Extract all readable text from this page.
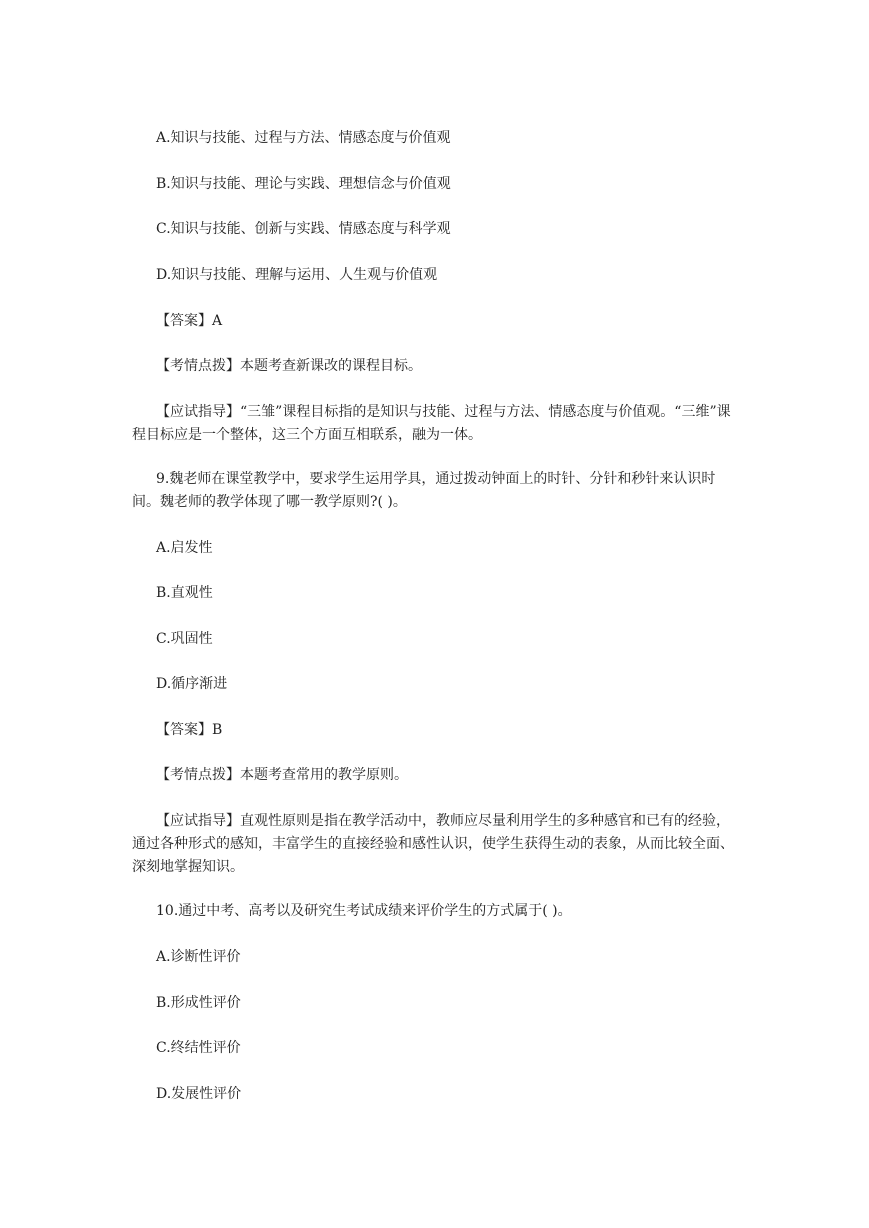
A.知识与技能、过程与方法、情感态度与价值观

B.知识与技能、理论与实践、理想信念与价值观

C.知识与技能、创新与实践、情感态度与科学观

D.知识与技能、理解与运用、人生观与价值观

【答案】A

【考情点拨】本题考查新课改的课程目标。

【应试指导】“三雏”课程目标指的是知识与技能、过程与方法、情感态度与价值观。“三维”课程目标应是一个整体，这三个方面互相联系，融为一体。

9.魏老师在课堂教学中，要求学生运用学具，通过拨动钟面上的时针、分针和秒针来认识时间。魏老师的教学体现了哪一教学原则?( )。

A.启发性

B.直观性

C.巩固性

D.循序渐进

【答案】B

【考情点拨】本题考查常用的教学原则。

【应试指导】直观性原则是指在教学活动中，教师应尽量利用学生的多种感官和已有的经验，通过各种形式的感知，丰富学生的直接经验和感性认识，使学生获得生动的表象，从而比较全面、深刻地掌握知识。

10.通过中考、高考以及研究生考试成绩来评价学生的方式属于( )。

A.诊断性评价

B.形成性评价

C.终结性评价

D.发展性评价
